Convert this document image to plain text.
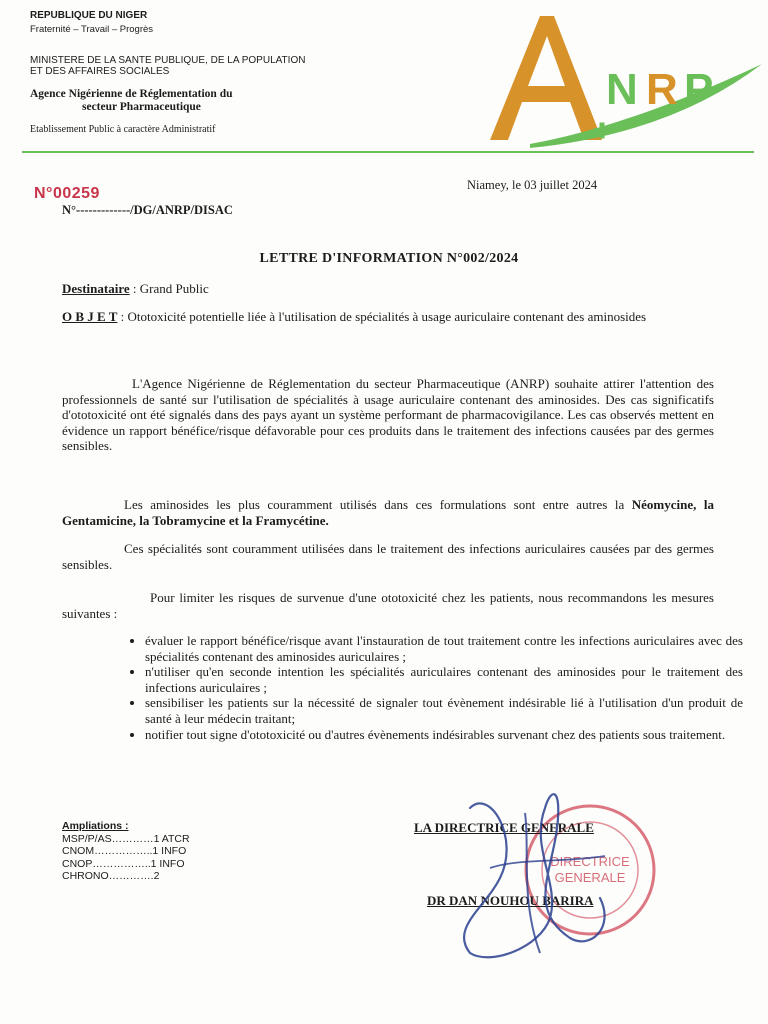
REPUBLIQUE DU NIGER
Fraternité – Travail – Progrès
MINISTERE DE LA SANTE PUBLIQUE, DE LA POPULATION
ET DES AFFAIRES SOCIALES
Agence Nigérienne de Réglementation du
secteur Pharmaceutique
Etablissement Public à caractère Administratif
N R P
N°00259
N°-------------/DG/ANRP/DISAC
Niamey, le 03 juillet 2024
LETTRE D'INFORMATION N°002/2024
Destinataire : Grand Public
O B J E T : Ototoxicité potentielle liée à l'utilisation de spécialités à usage auriculaire contenant des aminosides
L'Agence Nigérienne de Réglementation du secteur Pharmaceutique (ANRP) souhaite attirer l'attention des professionnels de santé sur l'utilisation de spécialités à usage auriculaire contenant des aminosides. Des cas significatifs d'ototoxicité ont été signalés dans des pays ayant un système performant de pharmacovigilance. Les cas observés mettent en évidence un rapport bénéfice/risque défavorable pour ces produits dans le traitement des infections causées par des germes sensibles.
Les aminosides les plus couramment utilisés dans ces formulations sont entre autres la Néomycine, la Gentamicine, la Tobramycine et la Framycétine.
Ces spécialités sont couramment utilisées dans le traitement des infections auriculaires causées par des germes sensibles.
Pour limiter les risques de survenue d'une ototoxicité chez les patients, nous recommandons les mesures suivantes :
• évaluer le rapport bénéfice/risque avant l'instauration de tout traitement contre les infections auriculaires avec des spécialités contenant des aminosides auriculaires ;
• n'utiliser qu'en seconde intention les spécialités auriculaires contenant des aminosides pour le traitement des infections auriculaires ;
• sensibiliser les patients sur la nécessité de signaler tout évènement indésirable lié à l'utilisation d'un produit de santé à leur médecin traitant;
• notifier tout signe d'ototoxicité ou d'autres évènements indésirables survenant chez des patients sous traitement.
Ampliations :
MSP/P/AS…………1 ATCR
CNOM……………..1 INFO
CNOP……………..1 INFO
CHRONO………….2
DIRECTRICE
GENERALE
LA DIRECTRICE GENERALE
DR DAN NOUHOU BARIRA
